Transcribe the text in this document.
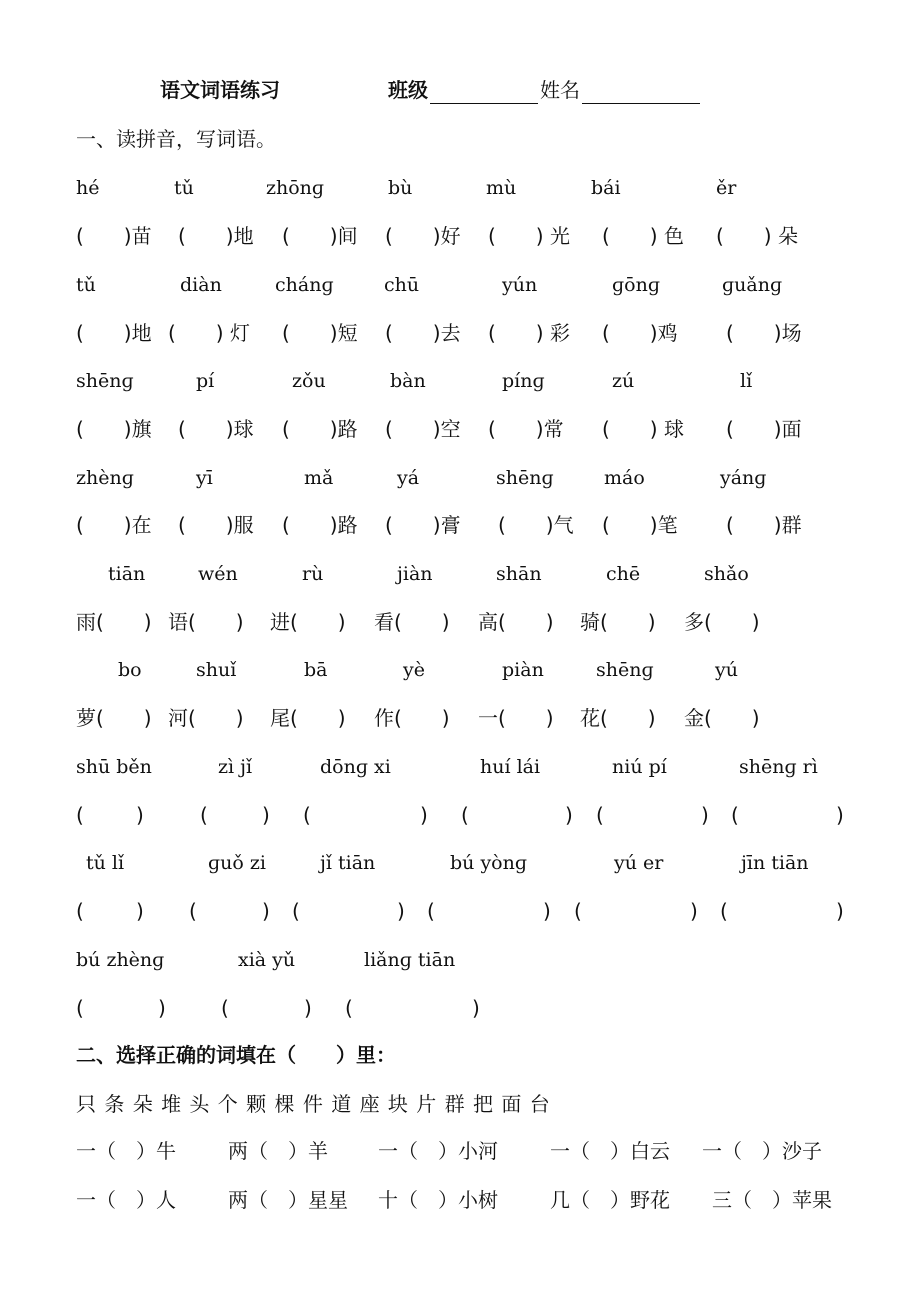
语文词语练习	班级	姓名
一、读拼音，写词语。
hé	tǔ	zhōnɡ	bù	mù	bái	ěr
(　　)苗 (　　)地 (　　)间 (　　)好 (　　) 光 (　　) 色 (　　) 朵
tǔ	diàn	chánɡ	chū	yún	ɡōnɡ	ɡuǎnɡ
(　　)地 (　　) 灯 (　　)短 (　　)去 (　　) 彩 (　　)鸡 (　　)场
shēnɡ	pí	zǒu	bàn	pínɡ	zú	lǐ
(　　)旗 (　　)球 (　　)路 (　　)空 (　　)常 (　　) 球 (　　)面
zhènɡ	yī	mǎ	yá	shēnɡ	máo	yánɡ
(　　)在 (　　)服 (　　)路 (　　)膏 (　　)气 (　　)笔 (　　)群
tiān	wén	rù	jiàn	shān	chē	shǎo
雨(　　) 语(　　) 进(　　) 看(　　) 高(　　) 骑(　　) 多(　　)
bo	shuǐ	bā	yè	piàn	shēnɡ	yú
萝(　　) 河(　　) 尾(　　) 作(　　) 一(　　) 花(　　) 金(　　)
shū běn	zì jǐ	dōnɡ xi	huí lái	niú pí	shēnɡ rì
(	)	(	) (	) (	) (	) (	)
tǔ lǐ	ɡuǒ zi	jǐ tiān	bú yònɡ	yú er	jīn tiān
(	) (	) (	) (	) (	) (	)
bú zhènɡ	xià yǔ	liǎnɡ tiān
(	)	(	) (	)
二、选择正确的词填在（　　）里：
只 条 朵 堆 头 个 颗 棵 件 道 座 块 片 群 把 面 台
一（　）牛	两（　）羊	一（　）小河	一（　）白云 一（　）沙子
一（　）人	两（　）星星 十（　）小树	几（　）野花 三（　）苹果
